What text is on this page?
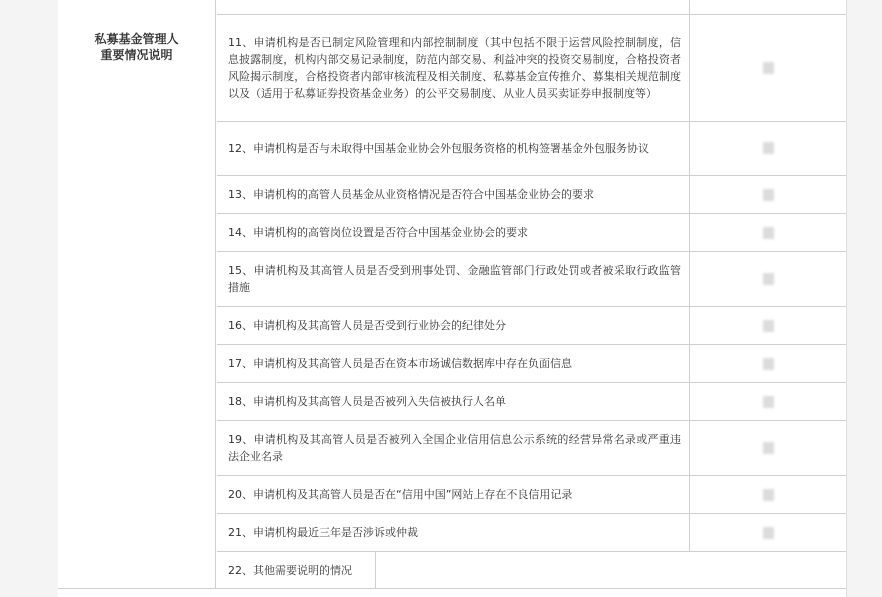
私募基金管理人
重要情况说明
11、申请机构是否已制定风险管理和内部控制制度（其中包括不限于运营风险控制制度，信息披露制度，机构内部交易记录制度，防范内部交易、利益冲突的投资交易制度，合格投资者风险揭示制度，合格投资者内部审核流程及相关制度、私募基金宣传推介、募集相关规范制度以及（适用于私募证券投资基金业务）的公平交易制度、从业人员买卖证券申报制度等）
12、申请机构是否与未取得中国基金业协会外包服务资格的机构签署基金外包服务协议
13、申请机构的高管人员基金从业资格情况是否符合中国基金业协会的要求
14、申请机构的高管岗位设置是否符合中国基金业协会的要求
15、申请机构及其高管人员是否受到刑事处罚、金融监管部门行政处罚或者被采取行政监管措施
16、申请机构及其高管人员是否受到行业协会的纪律处分
17、申请机构及其高管人员是否在资本市场诚信数据库中存在负面信息
18、申请机构及其高管人员是否被列入失信被执行人名单
19、申请机构及其高管人员是否被列入全国企业信用信息公示系统的经营异常名录或严重违法企业名录
20、申请机构及其高管人员是否在“信用中国”网站上存在不良信用记录
21、申请机构最近三年是否涉诉或仲裁
22、其他需要说明的情况
